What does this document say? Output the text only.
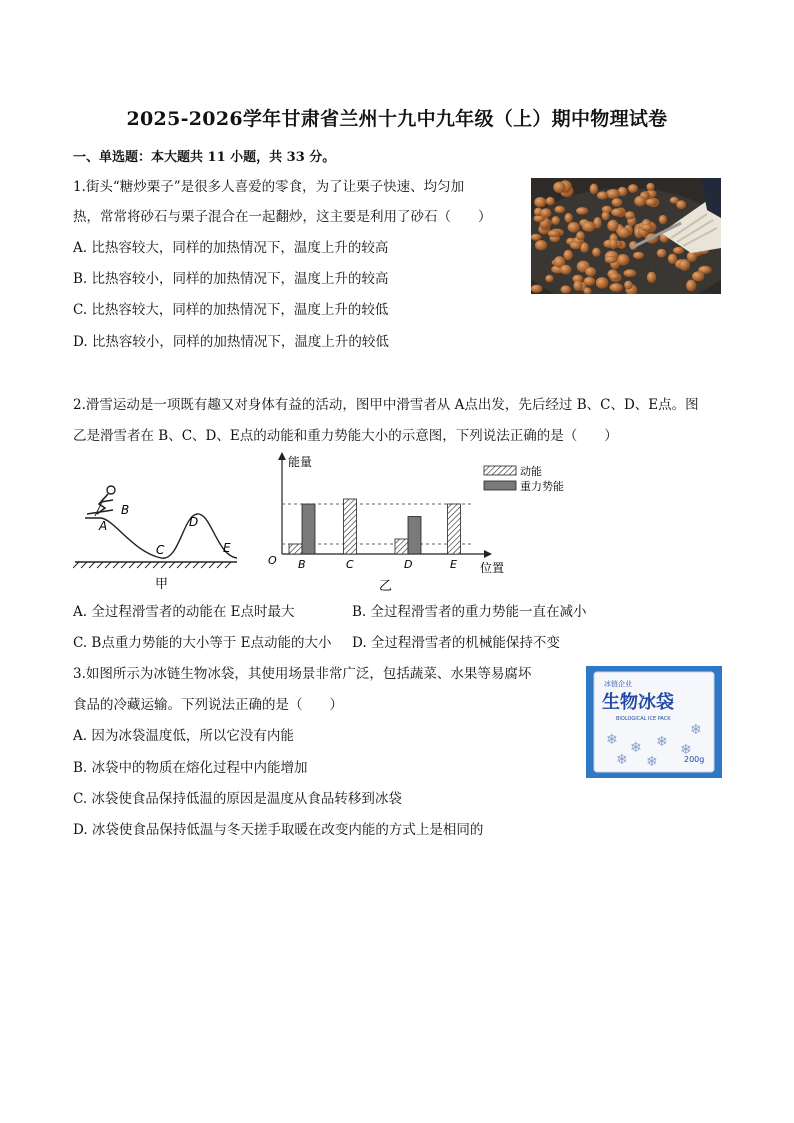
2025-2026学年甘肃省兰州十九中九年级（上）期中物理试卷
一、单选题：本大题共 11 小题，共 33 分。
1.街头“糖炒栗子”是很多人喜爱的零食，为了让栗子快速、均匀加
热，常常将砂石与栗子混合在一起翻炒，这主要是利用了砂石（　　）
A. 比热容较大，同样的加热情况下，温度上升的较高
B. 比热容较小，同样的加热情况下，温度上升的较高
C. 比热容较大，同样的加热情况下，温度上升的较低
D. 比热容较小，同样的加热情况下，温度上升的较低
2.滑雪运动是一项既有趣又对身体有益的活动，图甲中滑雪者从 A点出发，先后经过 B、C、D、E点。图
乙是滑雪者在 B、C、D、E点的动能和重力势能大小的示意图，下列说法正确的是（　　）
B
A
C
D
E
甲
能量
位置
O B	C	D	E
动能
重力势能
乙
A. 全过程滑雪者的动能在 E点时最大	B. 全过程滑雪者的重力势能一直在减小
C. B点重力势能的大小等于 E点动能的大小 D. 全过程滑雪者的机械能保持不变
3.如图所示为冰链生物冰袋，其使用场景非常广泛，包括蔬菜、水果等易腐坏
食品的冷藏运输。下列说法正确的是（　　）
A. 因为冰袋温度低，所以它没有内能
B. 冰袋中的物质在熔化过程中内能增加
C. 冰袋使食品保持低温的原因是温度从食品转移到冰袋
D. 冰袋使食品保持低温与冬天搓手取暖在改变内能的方式上是相同的
❄ ❄ ❄ ❄
❄ ❄
❄
冰链企业
生物冰袋
BIOLOGICAL ICE PACK
200g
